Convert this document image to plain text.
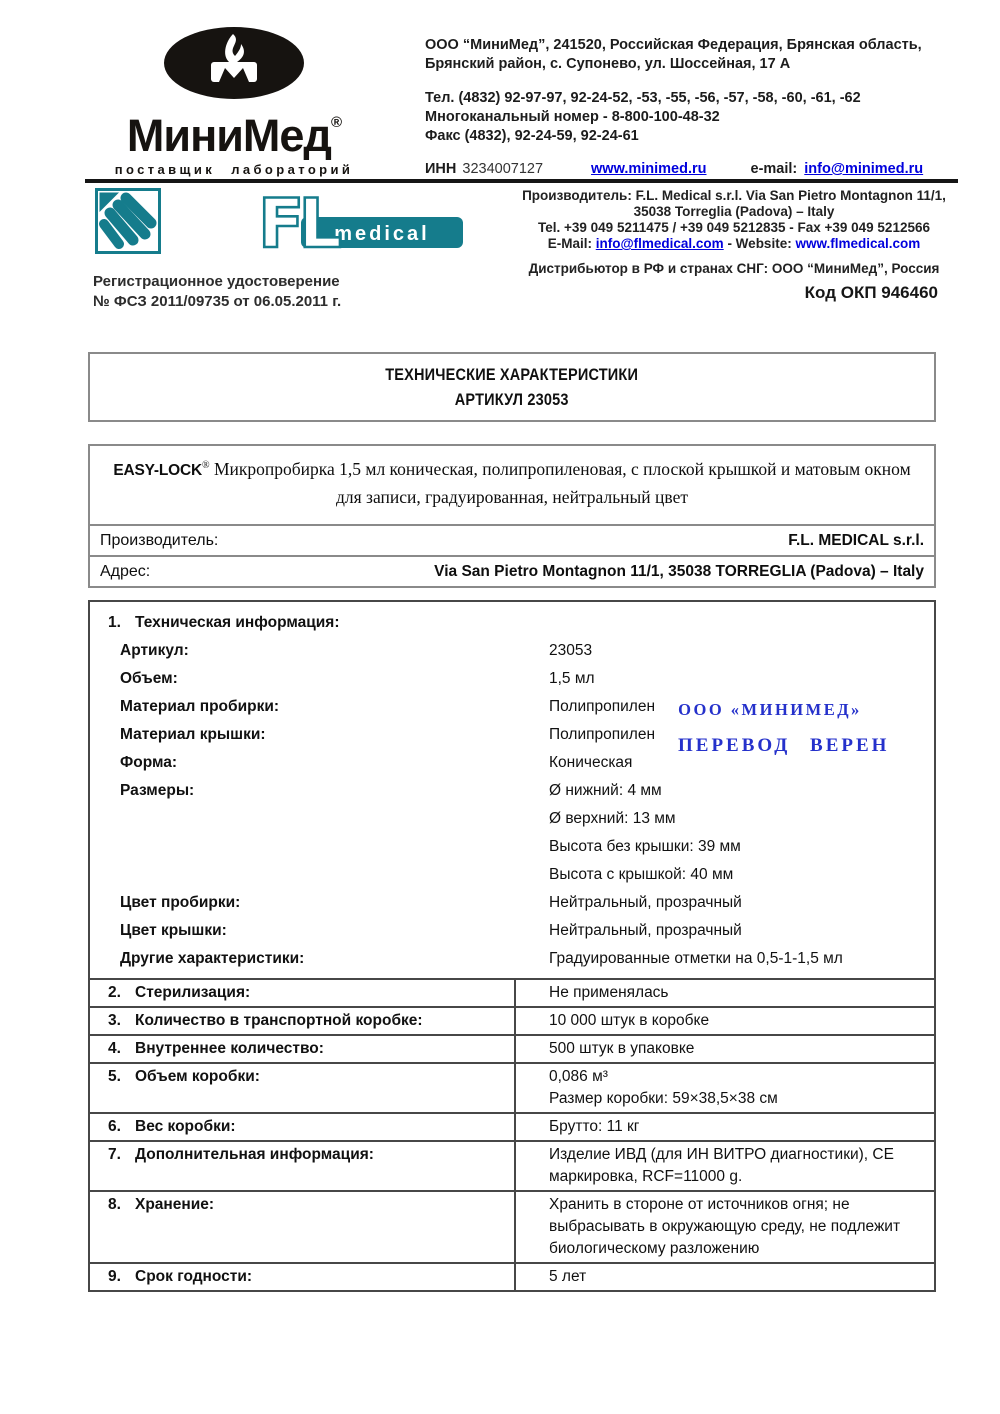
МиниМед®
поставщик лабораторий
ООО “МиниМед”, 241520, Российская Федерация, Брянская область,
Брянский район, с. Супонево, ул. Шоссейная, 17 А
Тел. (4832) 92-97-97, 92-24-52, -53, -55, -56, -57, -58, -60, -61, -62
Многоканальный номер - 8-800-100-48-32
Факс (4832), 92-24-59, 92-24-61
ИНН 3234007127	www.minimed.ru	e-mail: info@minimed.ru
medical
FL
Регистрационное удостоверение
№ ФСЗ 2011/09735 от 06.05.2011 г.
Производитель: F.L. Medical s.r.l. Via San Pietro Montagnon 11/1,
35038 Torreglia (Padova) – Italy
Tel. +39 049 5211475 / +39 049 5212835 - Fax +39 049 5212566
E-Mail: info@flmedical.com - Website: www.flmedical.com
Дистрибьютор в РФ и странах СНГ: ООО “МиниМед”, Россия
Код ОКП 946460
ТЕХНИЧЕСКИЕ ХАРАКТЕРИСТИКИ
АРТИКУЛ 23053
EASY-LOCK® Микропробирка 1,5 мл коническая, полипропиленовая, с плоской крышкой и матовым окном для записи, градуированная, нейтральный цвет
Производитель:	F.L. MEDICAL s.r.l.
Адрес:	Via San Pietro Montagnon 11/1, 35038 TORREGLIA (Padova) – Italy
1. Техническая информация:
Артикул:	23053
Объем:	1,5 мл
Материал пробирки:	Полипропилен
Материал крышки:	Полипропилен
Форма:	Коническая
Размеры:	Ø нижний: 4 мм
Ø верхний: 13 мм
Высота без крышки: 39 мм
Высота с крышкой: 40 мм
Цвет пробирки:	Нейтральный, прозрачный
Цвет крышки:	Нейтральный, прозрачный
Другие характеристики:	Градуированные отметки на 0,5-1-1,5 мл
2. Стерилизация:	Не применялась
3. Количество в транспортной коробке:	10 000 штук в коробке
4. Внутреннее количество:	500 штук в упаковке
5. Объем коробки:	0,086 м³
Размер коробки: 59×38,5×38 см
6. Вес коробки:	Брутто: 11 кг
7. Дополнительная информация:	Изделие ИВД (для ИН ВИТРО диагностики), СЕ маркировка, RCF=11000 g.
8. Хранение:	Хранить в стороне от источников огня; не выбрасывать в окружающую среду, не подлежит биологическому разложению
9. Срок годности:	5 лет
ООО «МИНИМЕД»
ПЕРЕВОД ВЕРЕН
